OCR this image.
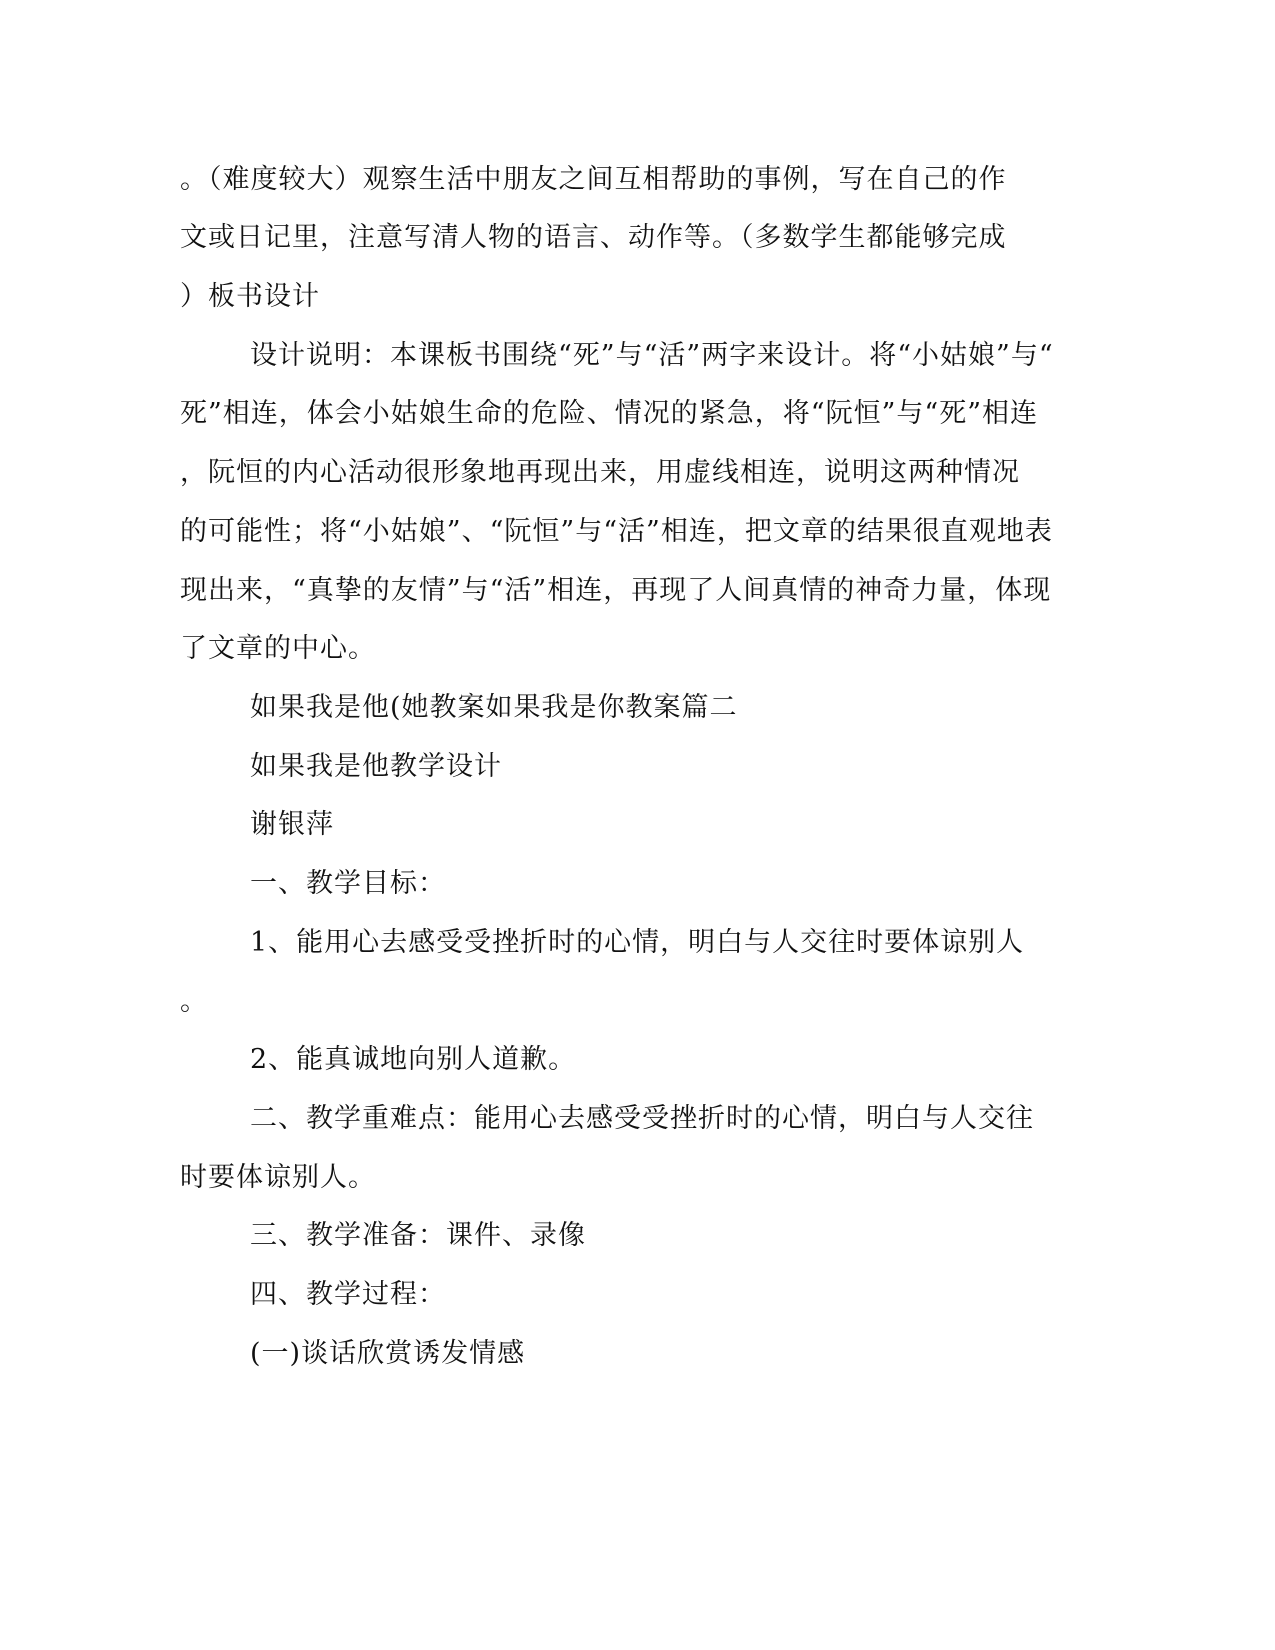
。（难度较大）观察生活中朋友之间互相帮助的事例，写在自己的作
文或日记里，注意写清人物的语言、动作等。（多数学生都能够完成
）板书设计
设计说明：本课板书围绕“死”与“活”两字来设计。将“小姑娘”与“
死”相连，体会小姑娘生命的危险、情况的紧急，将“阮恒”与“死”相连
，阮恒的内心活动很形象地再现出来，用虚线相连，说明这两种情况
的可能性；将“小姑娘”、“阮恒”与“活”相连，把文章的结果很直观地表
现出来，“真挚的友情”与“活”相连，再现了人间真情的神奇力量，体现
了文章的中心。
如果我是他(她教案如果我是你教案篇二
如果我是他教学设计
谢银萍
一、教学目标：
1、能用心去感受受挫折时的心情，明白与人交往时要体谅别人
。
2、能真诚地向别人道歉。
二、教学重难点：能用心去感受受挫折时的心情，明白与人交往
时要体谅别人。
三、教学准备：课件、录像
四、教学过程：
(一)谈话欣赏诱发情感
